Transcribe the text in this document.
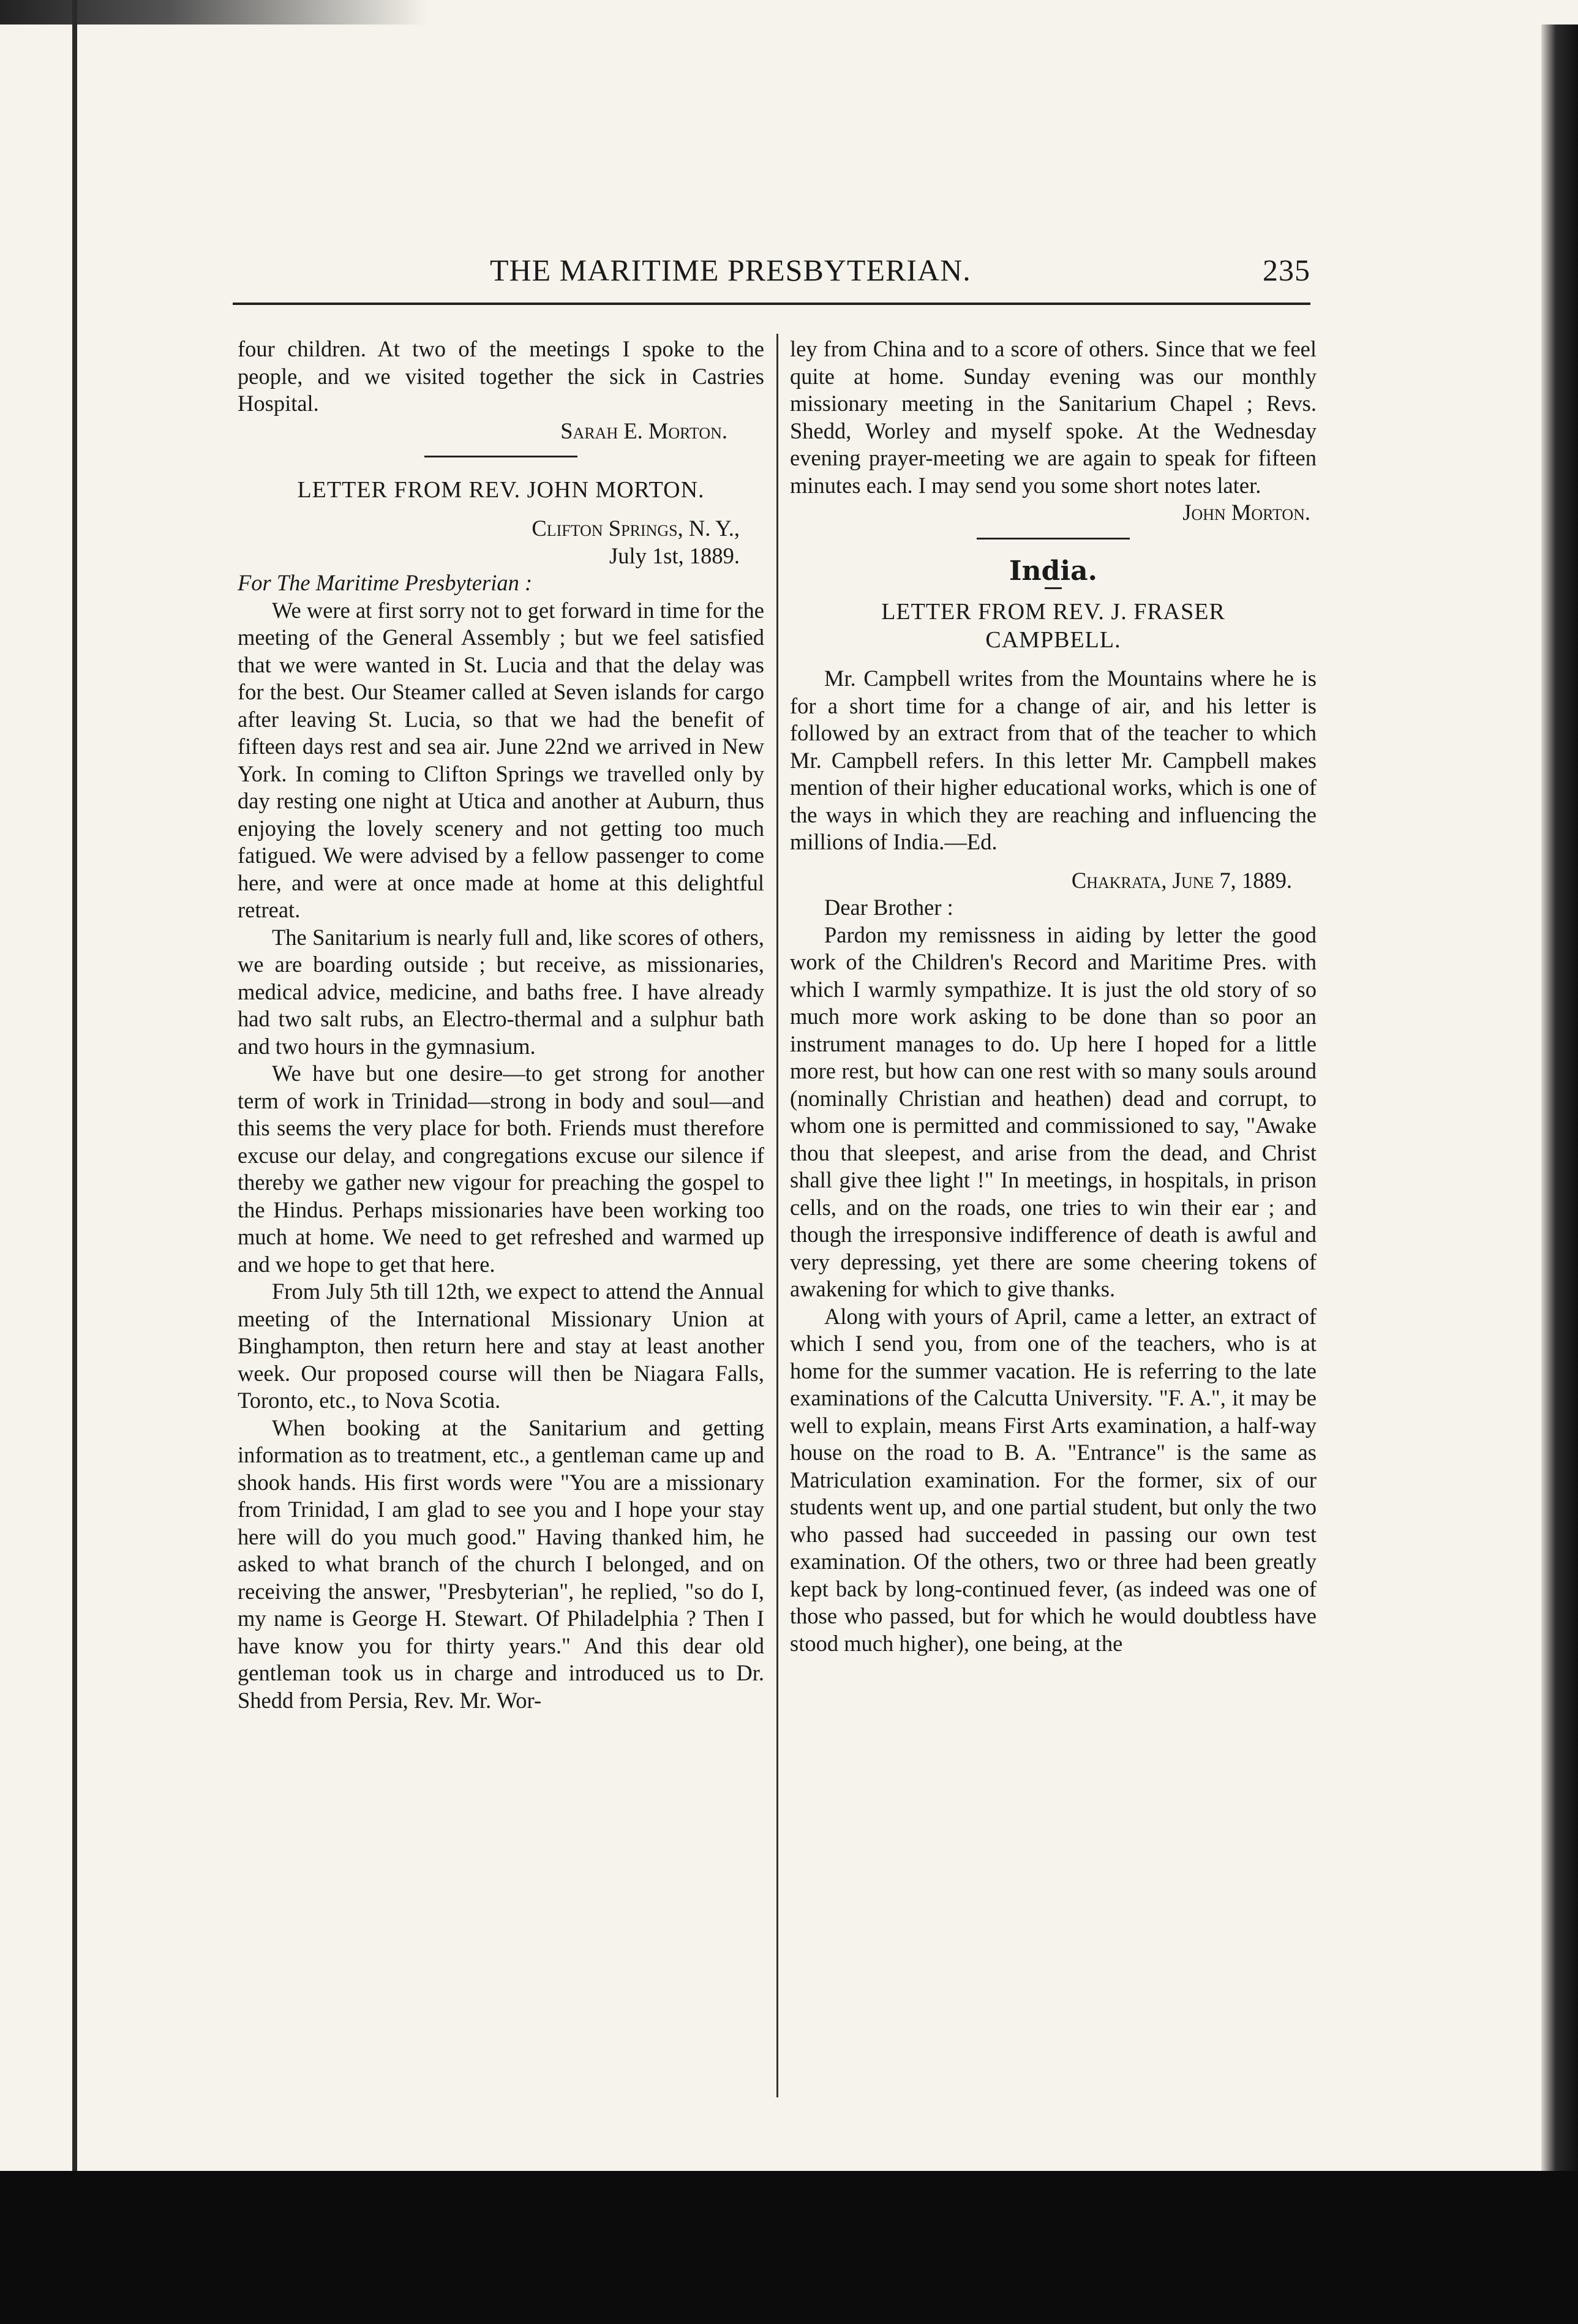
THE MARITIME PRESBYTERIAN.	235

four children. At two of the meetings I spoke to the people, and we visited together the sick in Castries Hospital.

Sarah E. Morton.
LETTER FROM REV. JOHN MORTON.
Clifton Springs, N. Y.,
July 1st, 1889.

For The Maritime Presbyterian :

We were at first sorry not to get forward in time for the meeting of the General Assembly ; but we feel satisfied that we were wanted in St. Lucia and that the delay was for the best. Our Steamer called at Seven islands for cargo after leaving St. Lucia, so that we had the benefit of fifteen days rest and sea air. June 22nd we arrived in New York. In coming to Clifton Springs we travelled only by day resting one night at Utica and another at Auburn, thus enjoying the lovely scenery and not getting too much fatigued. We were advised by a fellow passenger to come here, and were at once made at home at this delightful retreat.

The Sanitarium is nearly full and, like scores of others, we are boarding outside ; but receive, as missionaries, medical advice, medicine, and baths free. I have already had two salt rubs, an Electro-thermal and a sulphur bath and two hours in the gymnasium.

We have but one desire—to get strong for another term of work in Trinidad—strong in body and soul—and this seems the very place for both. Friends must therefore excuse our delay, and congregations excuse our silence if thereby we gather new vigour for preaching the gospel to the Hindus. Perhaps missionaries have been working too much at home. We need to get refreshed and warmed up and we hope to get that here.

From July 5th till 12th, we expect to attend the Annual meeting of the International Missionary Union at Binghampton, then return here and stay at least another week. Our proposed course will then be Niagara Falls, Toronto, etc., to Nova Scotia.

When booking at the Sanitarium and getting information as to treatment, etc., a gentleman came up and shook hands. His first words were "You are a missionary from Trinidad, I am glad to see you and I hope your stay here will do you much good." Having thanked him, he asked to what branch of the church I belonged, and on receiving the answer, "Presbyterian", he replied, "so do I, my name is George H. Stewart. Of Philadelphia ? Then I have know you for thirty years." And this dear old gentleman took us in charge and introduced us to Dr. Shedd from Persia, Rev. Mr. Wor-

ley from China and to a score of others. Since that we feel quite at home. Sunday evening was our monthly missionary meeting in the Sanitarium Chapel ; Revs. Shedd, Worley and myself spoke. At the Wednesday evening prayer-meeting we are again to speak for fifteen minutes each. I may send you some short notes later.

John Morton.
India.
LETTER FROM REV. J. FRASER
CAMPBELL.

Mr. Campbell writes from the Mountains where he is for a short time for a change of air, and his letter is followed by an extract from that of the teacher to which Mr. Campbell refers. In this letter Mr. Campbell makes mention of their higher educational works, which is one of the ways in which they are reaching and influencing the millions of India.—Ed.

Chakrata, June 7, 1889.

Dear Brother :

Pardon my remissness in aiding by letter the good work of the Children's Record and Maritime Pres. with which I warmly sympathize. It is just the old story of so much more work asking to be done than so poor an instrument manages to do. Up here I hoped for a little more rest, but how can one rest with so many souls around (nominally Christian and heathen) dead and corrupt, to whom one is permitted and commissioned to say, "Awake thou that sleepest, and arise from the dead, and Christ shall give thee light !" In meetings, in hospitals, in prison cells, and on the roads, one tries to win their ear ; and though the irresponsive indifference of death is awful and very depressing, yet there are some cheering tokens of awakening for which to give thanks.

Along with yours of April, came a letter, an extract of which I send you, from one of the teachers, who is at home for the summer vacation. He is referring to the late examinations of the Calcutta University. "F. A.", it may be well to explain, means First Arts examination, a half-way house on the road to B. A. "Entrance" is the same as Matriculation examination. For the former, six of our students went up, and one partial student, but only the two who passed had succeeded in passing our own test examination. Of the others, two or three had been greatly kept back by long-continued fever, (as indeed was one of those who passed, but for which he would doubtless have stood much higher), one being, at the
